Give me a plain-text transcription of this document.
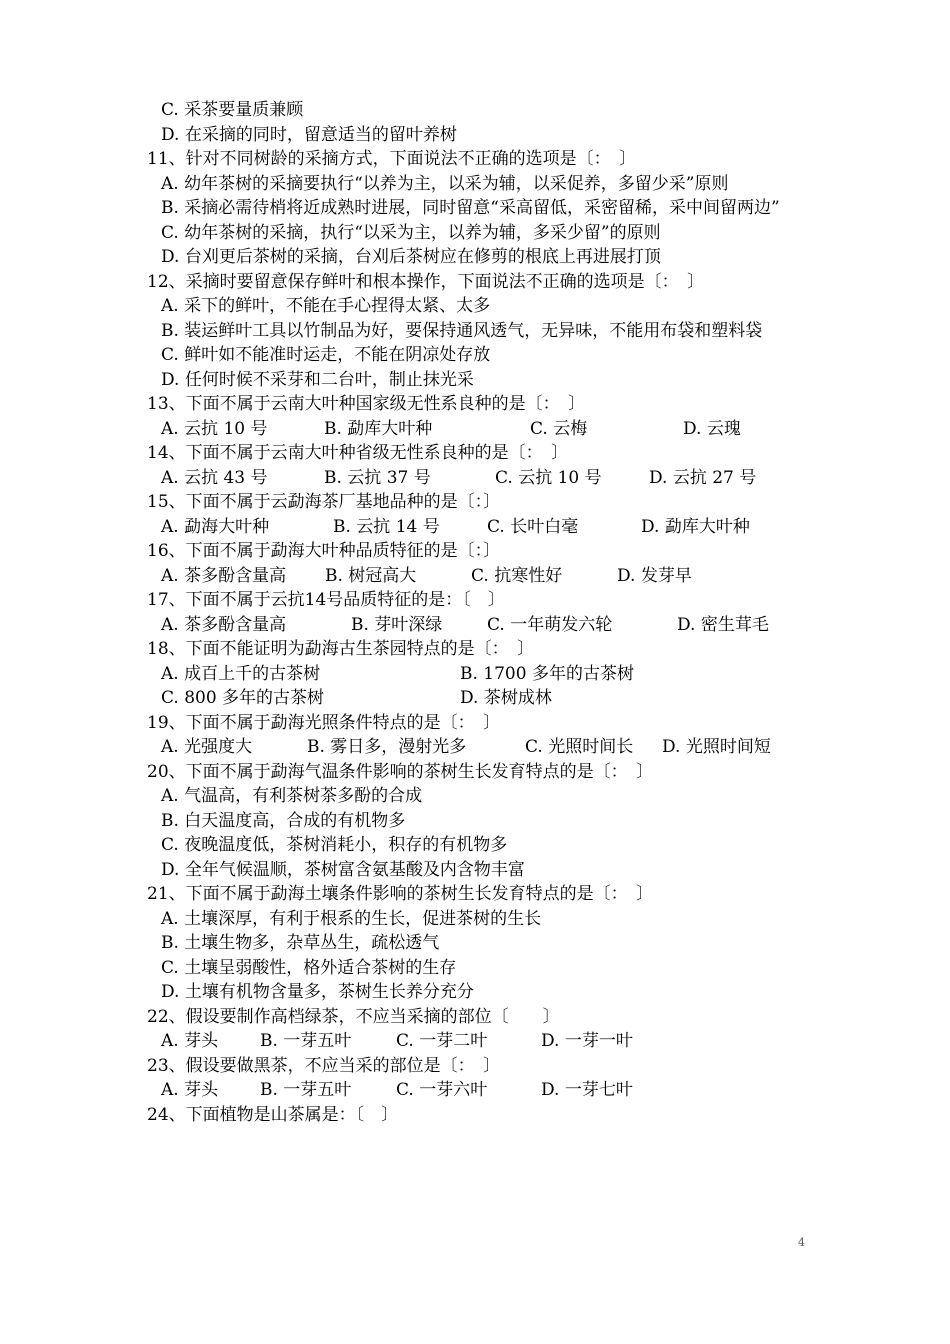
C. 采茶要量质兼顾
D. 在采摘的同时，留意适当的留叶养树
11、针对不同树龄的采摘方式，下面说法不正确的选项是〔：　〕
A. 幼年茶树的采摘要执行“以养为主，以采为辅，以采促养，多留少采”原则
B. 采摘必需待梢将近成熟时进展，同时留意“采高留低，采密留稀，采中间留两边”
C. 幼年茶树的采摘，执行“以采为主，以养为辅，多采少留”的原则
D. 台刈更后茶树的采摘，台刈后茶树应在修剪的根底上再进展打顶
12、采摘时要留意保存鲜叶和根本操作，下面说法不正确的选项是〔：　〕
A. 采下的鲜叶，不能在手心捏得太紧、太多
B. 装运鲜叶工具以竹制品为好，要保持通风透气，无异味，不能用布袋和塑料袋
C. 鲜叶如不能准时运走，不能在阴凉处存放
D. 任何时候不采芽和二台叶，制止抹光采
13、下面不属于云南大叶种国家级无性系良种的是〔：　〕
A. 云抗 10 号	B. 勐库大叶种	C. 云梅	D. 云瑰
14、下面不属于云南大叶种省级无性系良种的是〔：　〕
A. 云抗 43 号	B. 云抗 37 号	C. 云抗 10 号	D. 云抗 27 号
15、下面不属于云勐海茶厂基地品种的是〔：〕
A. 勐海大叶种	B. 云抗 14 号	C. 长叶白毫	D. 勐库大叶种
16、下面不属于勐海大叶种品质特征的是〔：〕
A. 茶多酚含量高	B. 树冠高大	C. 抗寒性好	D. 发芽早
17、下面不属于云抗14号品质特征的是：〔　〕
A. 茶多酚含量高	B. 芽叶深绿	C. 一年萌发六轮	D. 密生茸毛
18、下面不能证明为勐海古生茶园特点的是〔：　〕
A. 成百上千的古茶树	B. 1700 多年的古茶树
C. 800 多年的古茶树	D. 茶树成林
19、下面不属于勐海光照条件特点的是〔：　〕
A. 光强度大	B. 雾日多，漫射光多	C. 光照时间长	D. 光照时间短
20、下面不属于勐海气温条件影响的茶树生长发育特点的是〔：　〕
A. 气温高，有利茶树茶多酚的合成
B. 白天温度高，合成的有机物多
C. 夜晚温度低，茶树消耗小，积存的有机物多
D. 全年气候温顺，茶树富含氨基酸及内含物丰富
21、下面不属于勐海土壤条件影响的茶树生长发育特点的是〔：　〕
A. 土壤深厚，有利于根系的生长，促进茶树的生长
B. 土壤生物多，杂草丛生，疏松透气
C. 土壤呈弱酸性，格外适合茶树的生存
D. 土壤有机物含量多，茶树生长养分充分
22、假设要制作高档绿茶，不应当采摘的部位〔　　〕
A. 芽头	B. 一芽五叶	C. 一芽二叶	D. 一芽一叶
23、假设要做黑茶，不应当采的部位是〔：　〕
A. 芽头	B. 一芽五叶	C. 一芽六叶	D. 一芽七叶
24、下面植物是山茶属是：〔　〕
4
